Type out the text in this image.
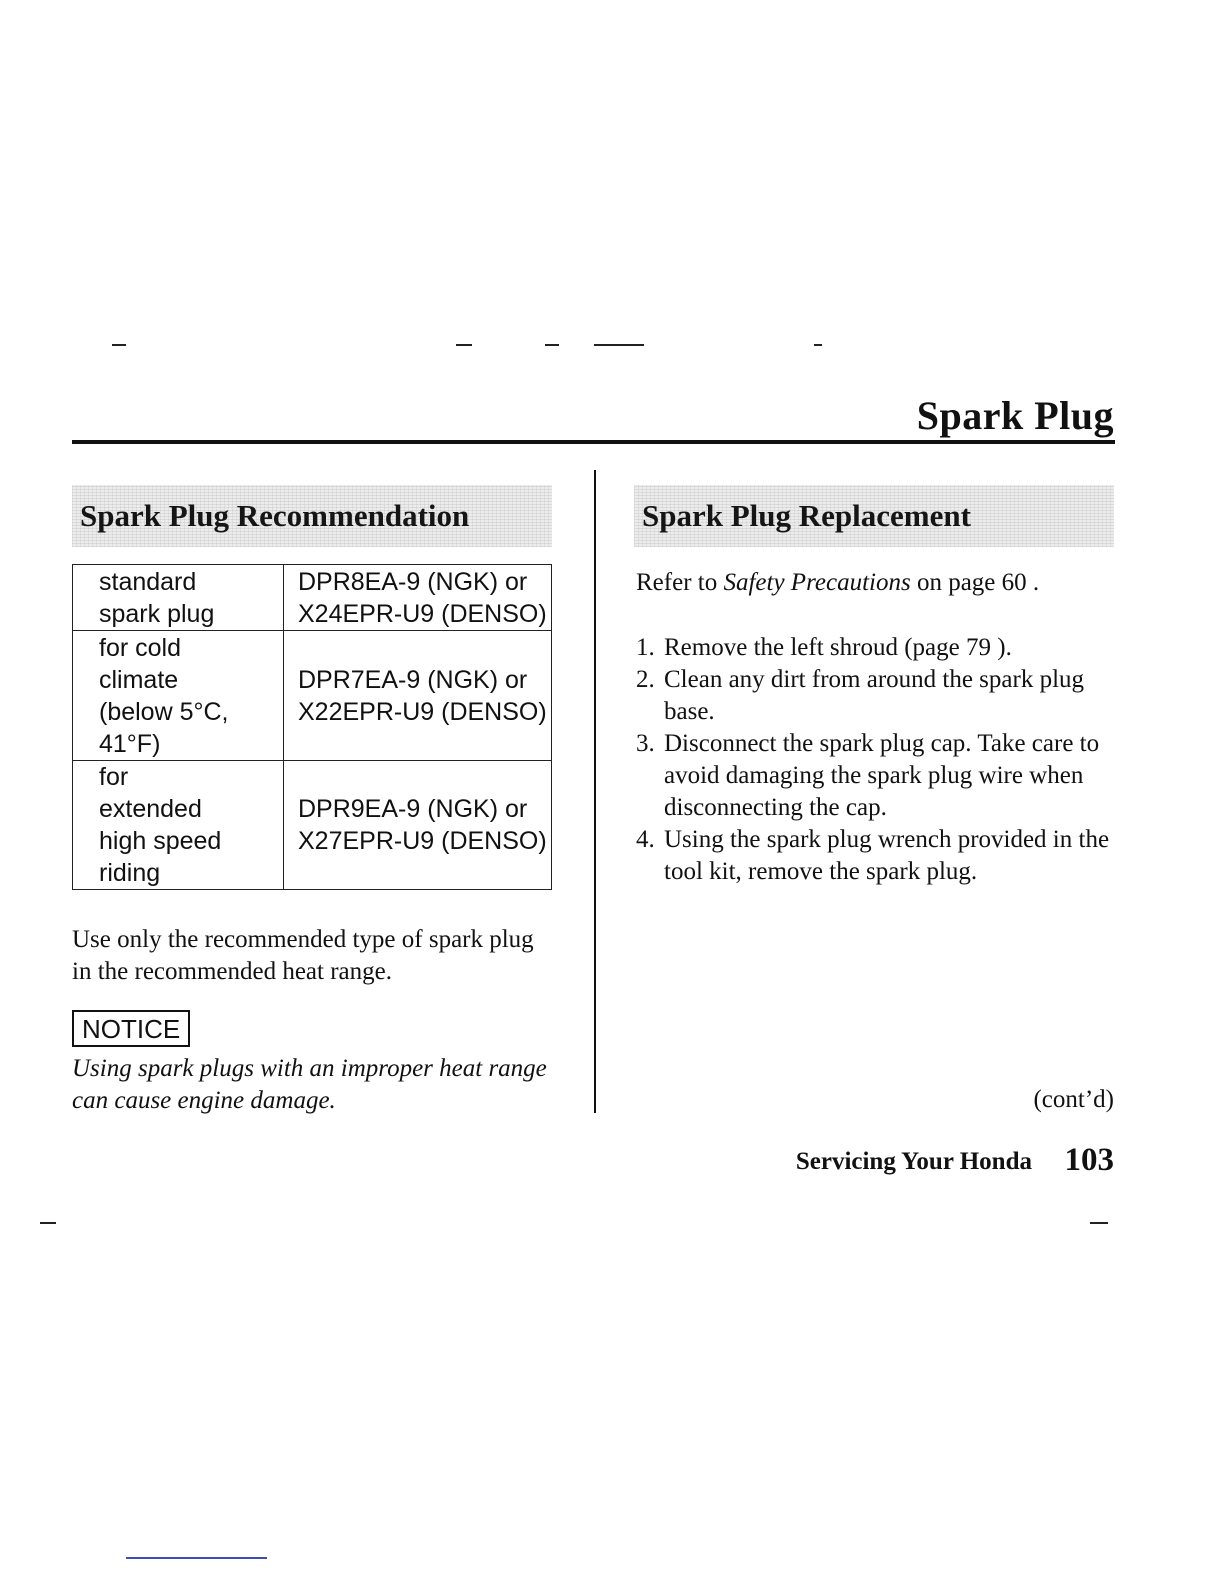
Spark Plug
Spark Plug Recommendation
standard
spark plug	DPR8EA-9 (NGK) or
X24EPR-U9 (DENSO)

for cold
climate
(below 5°C,
41°F)	DPR7EA-9 (NGK) or
X22EPR-U9 (DENSO)

for
extended
high speed
riding	DPR9EA-9 (NGK) or
X27EPR-U9 (DENSO)
Use only the recommended type of spark plug in the recommended heat range.
NOTICE
Using spark plugs with an improper heat range can cause engine damage.
Spark Plug Replacement
Refer to Safety Precautions on page 60 .
1. Remove the left shroud (page 79 ).
2. Clean any dirt from around the spark plug base.
3. Disconnect the spark plug cap. Take care to avoid damaging the spark plug wire when disconnecting the cap.
4. Using the spark plug wrench provided in the tool kit, remove the spark plug.
(cont’d)
Servicing Your Honda 103
